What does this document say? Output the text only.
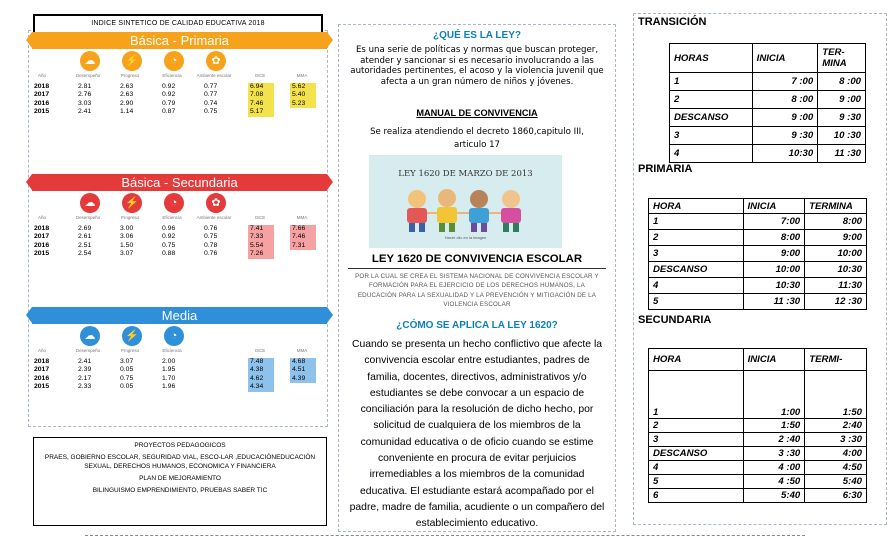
INDICE SINTETICO DE CALIDAD EDUCATIVA 2018
Básica - Primaria
☁	⚡	◔	✿
Año	Desempeño	Progreso	Eficiencia	Ambiente escolar	ISCE	MMA
2018	2.81	2.63	0.92	0.77	6.94	5.62
2017	2.76	2.63	0.92	0.77	7.08	5.40
2016	3.03	2.90	0.79	0.74	7.46	5.23
2015	2.41	1.14	0.87	0.75	5.17
Básica - Secundaria
☁	⚡	◔	✿
Año	Desempeño	Progreso	Eficiencia	Ambiente escolar	ISCE	MMA
2018	2.69	3.00	0.96	0.76	7.41	7.66
2017	2.61	3.06	0.92	0.75	7.33	7.46
2016	2.51	1.50	0.75	0.78	5.54	7.31
2015	2.54	3.07	0.88	0.76	7.26
Media
☁	⚡	◔
Año	Desempeño	Progreso	Eficiencia	ISCE	MMA
2018	2.41	3.07	2.00	7.48	4.68
2017	2.39	0.05	1.95	4.38	4.51
2016	2.17	0.75	1.70	4.62	4.39
2015	2.33	0.05	1.96	4.34
PROYECTOS PEDAGOGICOS
PRAES, GOBIERNO ESCOLAR, SEGURIDAD VIAL, ESCO-LAR ,EDUCACIÒNEDUCACIÒN SEXUAL, DERECHOS HUMANOS, ECONOMICA Y FINANCIERA
PLAN DE MEJORAMIENTO
BILINGUISMO EMPRENDIMIENTO, PRUEBAS SABER TIC
¿QUÉ ES LA LEY?
Es una serie de políticas y normas que buscan proteger, atender y sancionar si es necesario involucrando a las autoridades pertinentes, el acoso y la violencia juvenil que afecta a un gran número de niños y jóvenes.
MANUAL DE CONVIVENCIA
Se realiza atendiendo el decreto 1860,capitulo III, articulo 17
LEY 1620 DE MARZO DE 2013
Hacer clic en la imagen
LEY 1620 DE CONVIVENCIA ESCOLAR
POR LA CUAL SE CREA EL SISTEMA NACIONAL DE CONVIVENCIA ESCOLAR Y FORMACIÓN PARA EL EJERCICIO DE LOS DERECHOS HUMANOS, LA EDUCACIÓN PARA LA SEXUALIDAD Y LA PREVENCIÓN Y MITIGACIÓN DE LA VIOLENCIA ESCOLAR
¿CÓMO SE APLICA LA LEY 1620?
Cuando se presenta un hecho conflictivo que afecte la convivencia escolar entre estudiantes, padres de familia, docentes, directivos, administrativos y/o estudiantes se debe convocar a un espacio de conciliación para la resolución de dicho hecho, por solicitud de cualquiera de los miembros de la comunidad educativa o de oficio cuando se estime conveniente en procura de evitar perjuicios irremediables a los miembros de la comunidad educativa. El estudiante estará acompañado por el padre, madre de familia, acudiente o un compañero del establecimiento educativo.
TRANSICIÓN
HORAS	INICIA	TER-
MINA
1	7 :00	8 :00
2	8 :00	9 :00
DESCANSO	9 :00	9 :30
3	9 :30	10 :30
4	10:30	11 :30
PRIMARIA
HORA	INICIA	TERMINA
1	7:00	8:00
2	8:00	9:00
3	9:00	10:00
DESCANSO	10:00	10:30
4	10:30	11:30
5	11 :30	12 :30
SECUNDARIA
HORA	INICIA	TERMI-
1	1:00	1:50
2	1:50	2:40
3	2 :40	3 :30
DESCANSO	3 :30	4:00
4	4 :00	4:50
5	4 :50	5:40
6	5:40	6:30
